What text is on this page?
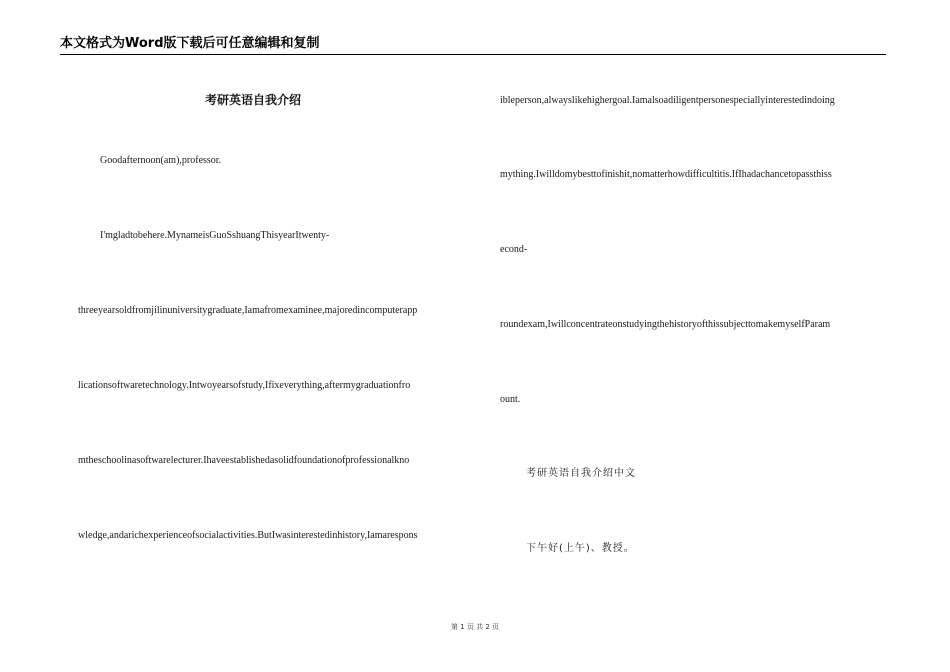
本文格式为Word版下载后可任意编辑和复制
考研英语自我介绍
Goodafternoon(am),professor.
I'mgladtobehere.MynameisGuoSshuangThisyearItwenty-
threeyearsoldfromjilinuniversitygraduate,Iamafromexaminee,majoredincomputerapp
licationsoftwaretechnology.Intwoyearsofstudy,Ifixeverything,aftermygraduationfro
mtheschoolinasoftwarelecturer.Ihaveestablishedasolidfoundationofprofessionalkno
wledge,andarichexperienceofsocialactivities.ButIwasinterestedinhistory,Iamarespons
ibleperson,alwayslikehighergoal.Iamalsoadiligentpersonespeciallyinterestedindoing
mything.Iwilldomybesttofinishit,nomatterhowdifficultitis.IfIhadachancetopassthiss
econd-
roundexam,IwillconcentrateonstudyingthehistoryofthissubjecttomakemyselfParam
ount.
考研英语自我介绍中文
下午好(上午)、教授。
第 1 页 共 2 页
